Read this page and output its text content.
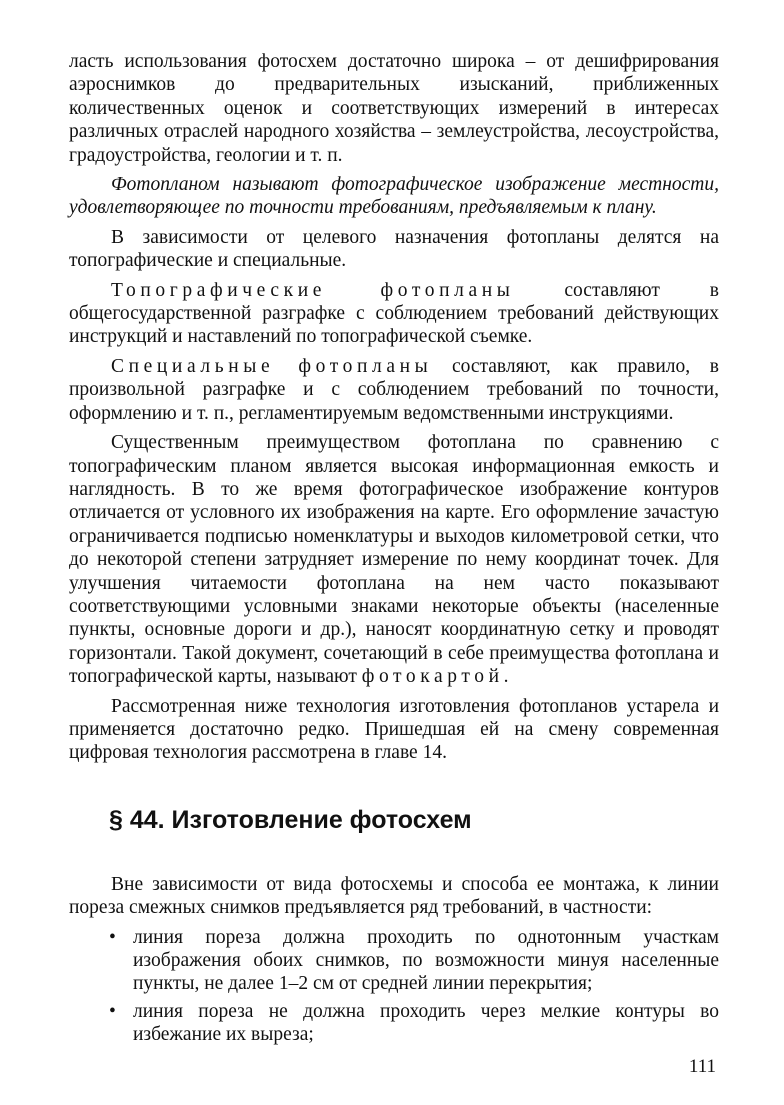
ласть использования фотосхем достаточно широка – от дешифрирования аэроснимков до предварительных изысканий, приближенных количественных оценок и соответствующих измерений в интересах различных отраслей народного хозяйства – землеустройства, лесоустройства, градоустройства, геологии и т. п.

Фотопланом называют фотографическое изображение местности, удовлетворяющее по точности требованиям, предъявляемым к плану.

В зависимости от целевого назначения фотопланы делятся на топографические и специальные.

Топографические фотопланы составляют в общегосударственной разграфке с соблюдением требований действующих инструкций и наставлений по топографической съемке.

Специальные фотопланы составляют, как правило, в произвольной разграфке и с соблюдением требований по точности, оформлению и т. п., регламентируемым ведомственными инструкциями.

Существенным преимуществом фотоплана по сравнению с топографическим планом является высокая информационная емкость и наглядность. В то же время фотографическое изображение контуров отличается от условного их изображения на карте. Его оформление зачастую ограничивается подписью номенклатуры и выходов километровой сетки, что до некоторой степени затрудняет измерение по нему координат точек. Для улучшения читаемости фотоплана на нем часто показывают соответствующими условными знаками некоторые объекты (населенные пункты, основные дороги и др.), наносят координатную сетку и проводят горизонтали. Такой документ, сочетающий в себе преимущества фотоплана и топографической карты, называют фотокартой.

Рассмотренная ниже технология изготовления фотопланов устарела и применяется достаточно редко. Пришедшая ей на смену современная цифровая технология рассмотрена в главе 14.

§ 44. Изготовление фотосхем

Вне зависимости от вида фотосхемы и способа ее монтажа, к линии пореза смежных снимков предъявляется ряд требований, в частности:

• линия пореза должна проходить по однотонным участкам изображения обоих снимков, по возможности минуя населенные пункты, не далее 1–2 см от средней линии перекрытия;
• линия пореза не должна проходить через мелкие контуры во избежание их выреза;
111
